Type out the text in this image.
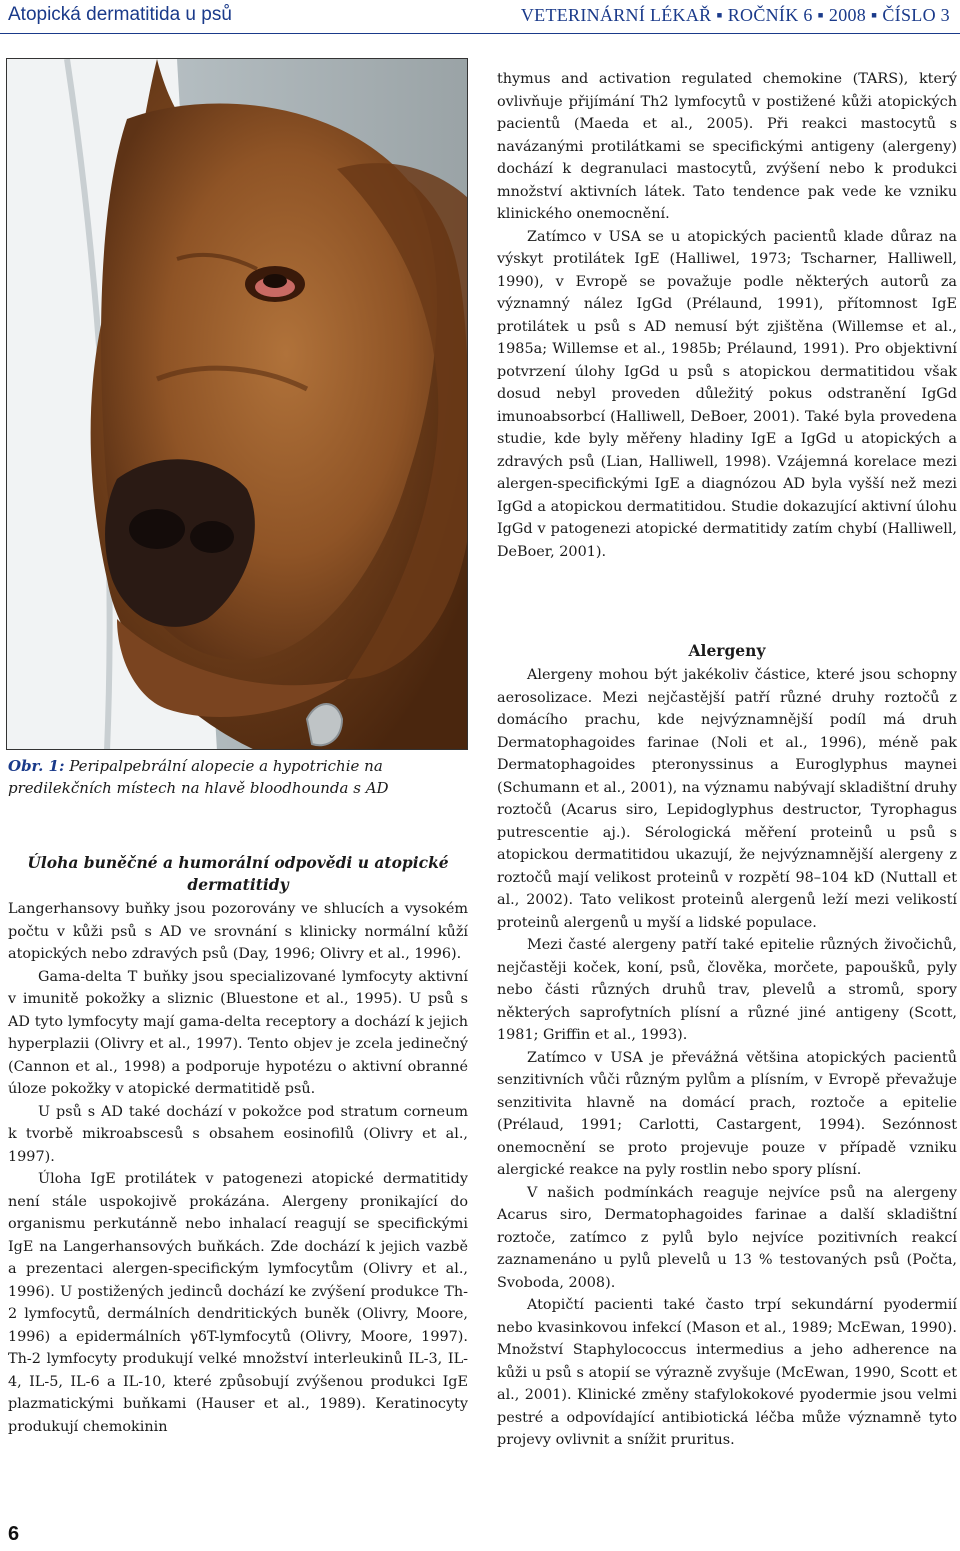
Atopická dermatitida u psů	VETERINÁRNÍ LÉKAŘ ▪ ROČNÍK 6 ▪ 2008 ▪ ČÍSLO 3
Obr. 1: Peripalpebrální alopecie a hypotrichie na predilekčních místech na hlavě bloodhounda s AD
Úloha buněčné a humorální odpovědi u atopické dermatitidy

Langerhansovy buňky jsou pozorovány ve shlucích a vysokém počtu v kůži psů s AD ve srovnání s klinicky normální kůží atopických nebo zdravých psů (Day, 1996; Olivry et al., 1996).

Gama-delta T buňky jsou specializované lymfocyty aktivní v imunitě pokožky a sliznic (Bluestone et al., 1995). U psů s AD tyto lymfocyty mají gama-delta receptory a dochází k jejich hyperplazii (Olivry et al., 1997). Tento objev je zcela jedinečný (Cannon et al., 1998) a podporuje hypotézu o aktivní obranné úloze pokožky v atopické dermatitidě psů.

U psů s AD také dochází v pokožce pod stratum corneum k tvorbě mikroabscesů s obsahem eosinofilů (Olivry et al., 1997).

Úloha IgE protilátek v patogenezi atopické dermatitidy není stále uspokojivě prokázána. Alergeny pronikající do organismu perkutánně nebo inhalací reagují se specifickými IgE na Langerhansových buňkách. Zde dochází k jejich vazbě a prezentaci alergen-specifickým lymfocytům (Olivry et al., 1996). U postižených jedinců dochází ke zvýšení produkce Th-2 lymfocytů, dermálních dendritických buněk (Olivry, Moore, 1996) a epidermálních γδT-lymfocytů (Olivry, Moore, 1997). Th-2 lymfocyty produkují velké množství interleukinů IL-3, IL-4, IL-5, IL-6 a IL-10, které způsobují zvýšenou produkci IgE plazmatickými buňkami (Hauser et al., 1989). Keratinocyty produkují chemokinin

thymus and activation regulated chemokine (TARS), který ovlivňuje přijímání Th2 lymfocytů v postižené kůži atopických pacientů (Maeda et al., 2005). Při reakci mastocytů s navázanými protilátkami se specifickými antigeny (alergeny) dochází k degranulaci mastocytů, zvýšení nebo k produkci množství aktivních látek. Tato tendence pak vede ke vzniku klinického onemocnění.

Zatímco v USA se u atopických pacientů klade důraz na výskyt protilátek IgE (Halliwel, 1973; Tscharner, Halliwell, 1990), v Evropě se považuje podle některých autorů za významný nález IgGd (Prélaund, 1991), přítomnost IgE protilátek u psů s AD nemusí být zjištěna (Willemse et al., 1985a; Willemse et al., 1985b; Prélaund, 1991). Pro objektivní potvrzení úlohy IgGd u psů s atopickou dermatitidou však dosud nebyl proveden důležitý pokus odstranění IgGd imunoabsorbcí (Halliwell, DeBoer, 2001). Také byla provedena studie, kde byly měřeny hladiny IgE a IgGd u atopických a zdravých psů (Lian, Halliwell, 1998). Vzájemná korelace mezi alergen-specifickými IgE a diagnózou AD byla vyšší než mezi IgGd a atopickou dermatitidou. Studie dokazující aktivní úlohu IgGd v patogenezi atopické dermatitidy zatím chybí (Halliwell, DeBoer, 2001).

Alergeny

Alergeny mohou být jakékoliv částice, které jsou schopny aerosolizace. Mezi nejčastější patří různé druhy roztočů z domácího prachu, kde nejvýznamnější podíl má druh Dermatophagoides farinae (Noli et al., 1996), méně pak Dermatophagoides pteronyssinus a Euroglyphus maynei (Schumann et al., 2001), na významu nabývají skladištní druhy roztočů (Acarus siro, Lepidoglyphus destructor, Tyrophagus putrescentie aj.). Sérologická měření proteinů u psů s atopickou dermatitidou ukazují, že nejvýznamnější alergeny z roztočů mají velikost proteinů v rozpětí 98–104 kD (Nuttall et al., 2002). Tato velikost proteinů alergenů leží mezi velikostí proteinů alergenů u myší a lidské populace.

Mezi časté alergeny patří také epitelie různých živočichů, nejčastěji koček, koní, psů, člověka, morčete, papoušků, pyly nebo části různých druhů trav, plevelů a stromů, spory některých saprofytních plísní a různé jiné antigeny (Scott, 1981; Griffin et al., 1993).

Zatímco v USA je převážná většina atopických pacientů senzitivních vůči různým pylům a plísním, v Evropě převažuje senzitivita hlavně na domácí prach, roztoče a epitelie (Prélaud, 1991; Carlotti, Castargent, 1994). Sezónnost onemocnění se proto projevuje pouze v případě vzniku alergické reakce na pyly rostlin nebo spory plísní.

V našich podmínkách reaguje nejvíce psů na alergeny Acarus siro, Dermatophagoides farinae a další skladištní roztoče, zatímco z pylů bylo nejvíce pozitivních reakcí zaznamenáno u pylů plevelů u 13 % testovaných psů (Počta, Svoboda, 2008).

Atopičtí pacienti také často trpí sekundární pyodermií nebo kvasinkovou infekcí (Mason et al., 1989; McEwan, 1990). Množství Staphylococcus intermedius a jeho adherence na kůži u psů s atopií se výrazně zvyšuje (McEwan, 1990, Scott et al., 2001). Klinické změny stafylokokové pyodermie jsou velmi pestré a odpovídající antibiotická léčba může významně tyto projevy ovlivnit a snížit pruritus.

6
